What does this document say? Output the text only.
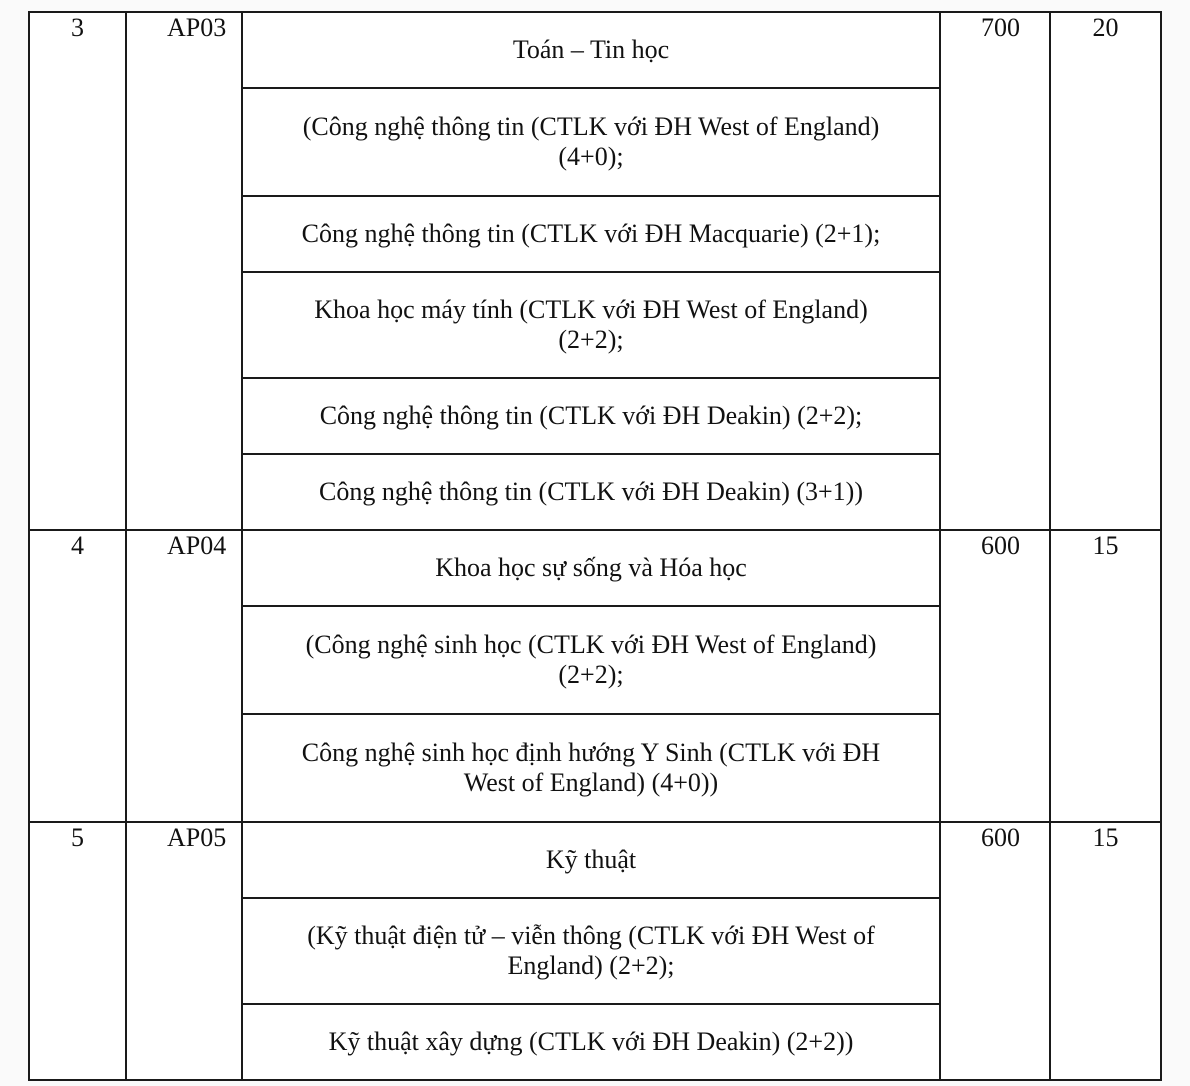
3	AP03	Toán – Tin học	700	20
		(Công nghệ thông tin (CTLK với ĐH West of England) (4+0);		
		Công nghệ thông tin (CTLK với ĐH Macquarie) (2+1);		
		Khoa học máy tính (CTLK với ĐH West of England) (2+2);		
		Công nghệ thông tin (CTLK với ĐH Deakin) (2+2);		
		Công nghệ thông tin (CTLK với ĐH Deakin) (3+1))		
4	AP04	Khoa học sự sống và Hóa học	600	15
		(Công nghệ sinh học (CTLK với ĐH West of England) (2+2);		
		Công nghệ sinh học định hướng Y Sinh (CTLK với ĐH West of England) (4+0))		
5	AP05	Kỹ thuật	600	15
		(Kỹ thuật điện tử – viễn thông (CTLK với ĐH West of England) (2+2);		
		Kỹ thuật xây dựng (CTLK với ĐH Deakin) (2+2))		
